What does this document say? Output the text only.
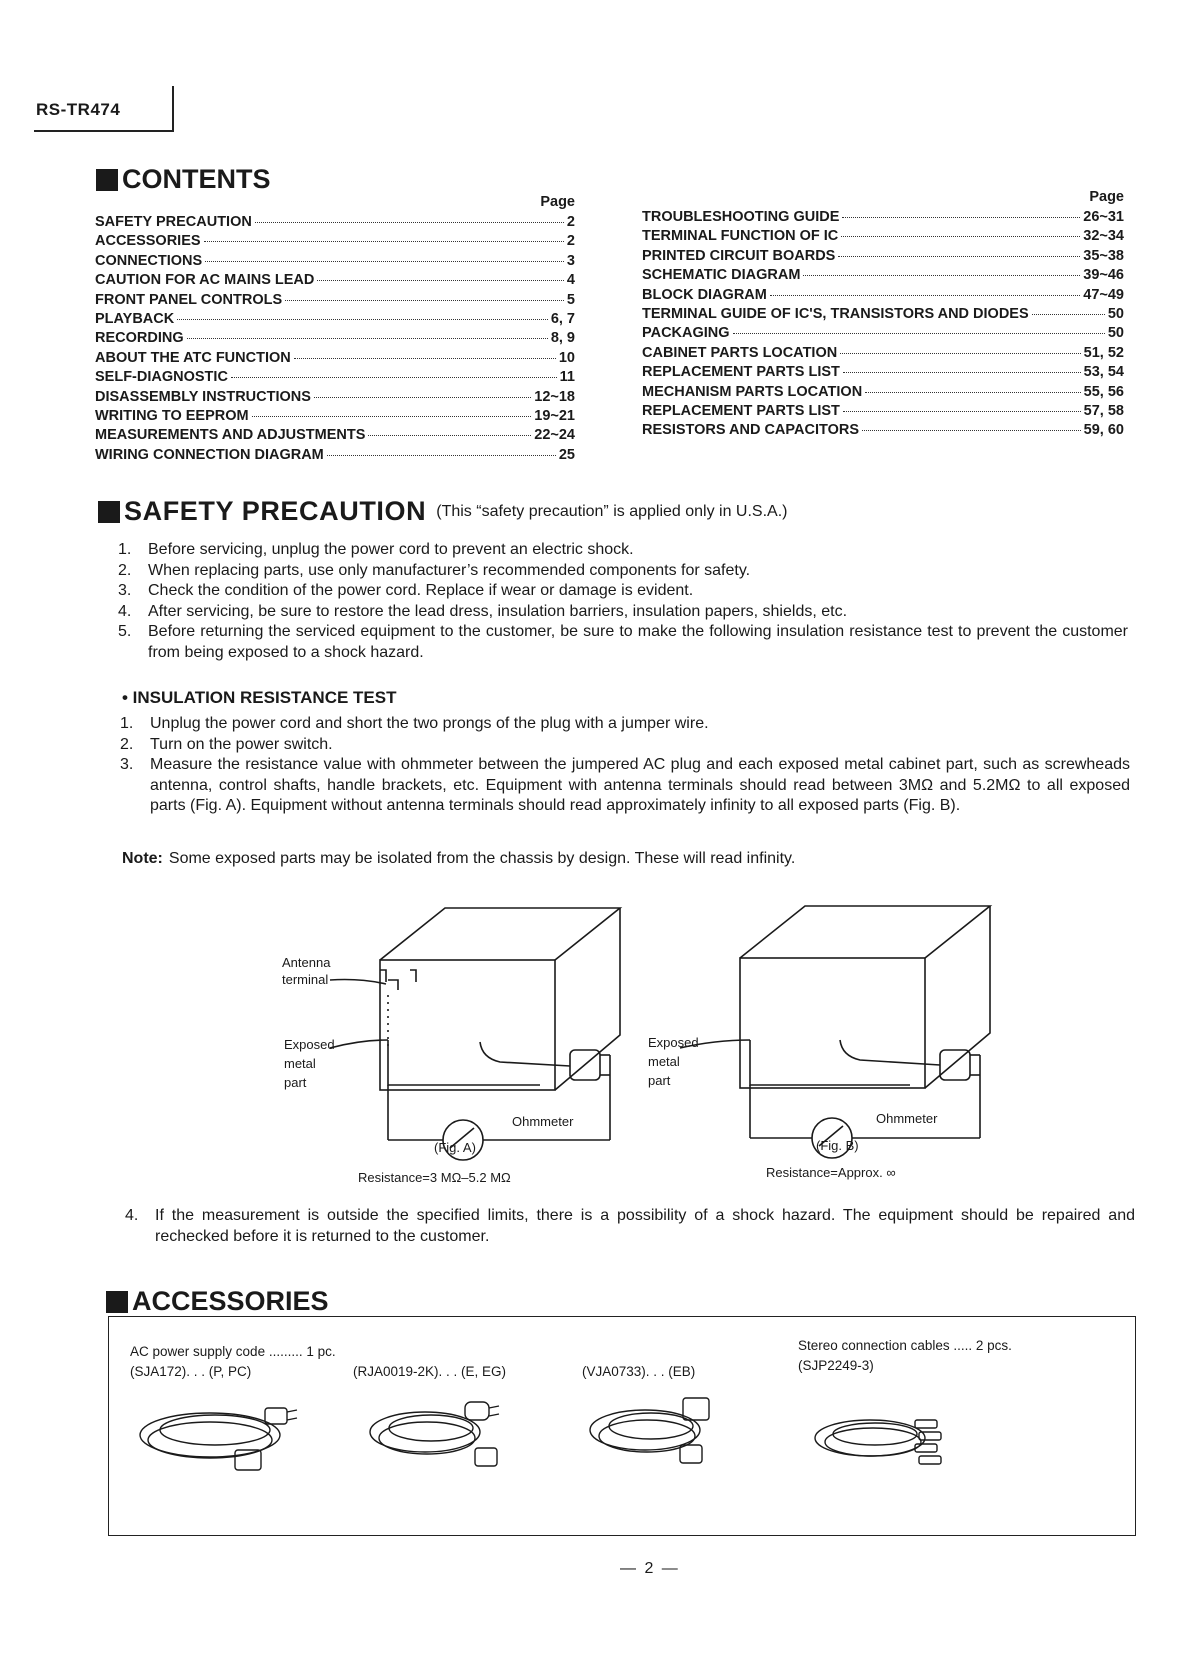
RS-TR474
CONTENTS
Page
SAFETY PRECAUTION	2
ACCESSORIES	2
CONNECTIONS	3
CAUTION FOR AC MAINS LEAD	4
FRONT PANEL CONTROLS	5
PLAYBACK	6, 7
RECORDING	8, 9
ABOUT THE ATC FUNCTION	10
SELF-DIAGNOSTIC	11
DISASSEMBLY INSTRUCTIONS	12~18
WRITING TO EEPROM	19~21
MEASUREMENTS AND ADJUSTMENTS	22~24
WIRING CONNECTION DIAGRAM	25
Page
TROUBLESHOOTING GUIDE	26~31
TERMINAL FUNCTION OF IC	32~34
PRINTED CIRCUIT BOARDS	35~38
SCHEMATIC DIAGRAM	39~46
BLOCK DIAGRAM	47~49
TERMINAL GUIDE OF IC'S, TRANSISTORS AND DIODES	50
PACKAGING	50
CABINET PARTS LOCATION	51, 52
REPLACEMENT PARTS LIST	53, 54
MECHANISM PARTS LOCATION	55, 56
REPLACEMENT PARTS LIST	57, 58
RESISTORS AND CAPACITORS	59, 60
SAFETY PRECAUTION (This “safety precaution” is applied only in U.S.A.)
1.	Before servicing, unplug the power cord to prevent an electric shock.
2.	When replacing parts, use only manufacturer’s recommended components for safety.
3.	Check the condition of the power cord. Replace if wear or damage is evident.
4.	After servicing, be sure to restore the lead dress, insulation barriers, insulation papers, shields, etc.
5.	Before returning the serviced equipment to the customer, be sure to make the following insulation resistance test to prevent the customer from being exposed to a shock hazard.
• INSULATION RESISTANCE TEST
1.	Unplug the power cord and short the two prongs of the plug with a jumper wire.
2.	Turn on the power switch.
3.	Measure the resistance value with ohmmeter between the jumpered AC plug and each exposed metal cabinet part, such as screwheads antenna, control shafts, handle brackets, etc. Equipment with antenna terminals should read between 3MΩ and 5.2MΩ to all exposed parts (Fig. A). Equipment without antenna terminals should read approximately infinity to all exposed parts (Fig. B).
Note: Some exposed parts may be isolated from the chassis by design. These will read infinity.
Antenna
terminal
Exposed
metal
part
Ohmmeter
(Fig. A)
Resistance=3 MΩ–5.2 MΩ
Exposed
metal
part
Ohmmeter
(Fig. B)
Resistance=Approx. ∞
4.	If the measurement is outside the specified limits, there is a possibility of a shock hazard. The equipment should be repaired and rechecked before it is returned to the customer.
ACCESSORIES
AC power supply code ......... 1 pc.
(SJA172). . . (P, PC)	(RJA0019-2K). . . (E, EG)	(VJA0733). . . (EB)
Stereo connection cables ..... 2 pcs.
(SJP2249-3)
— 2 —
